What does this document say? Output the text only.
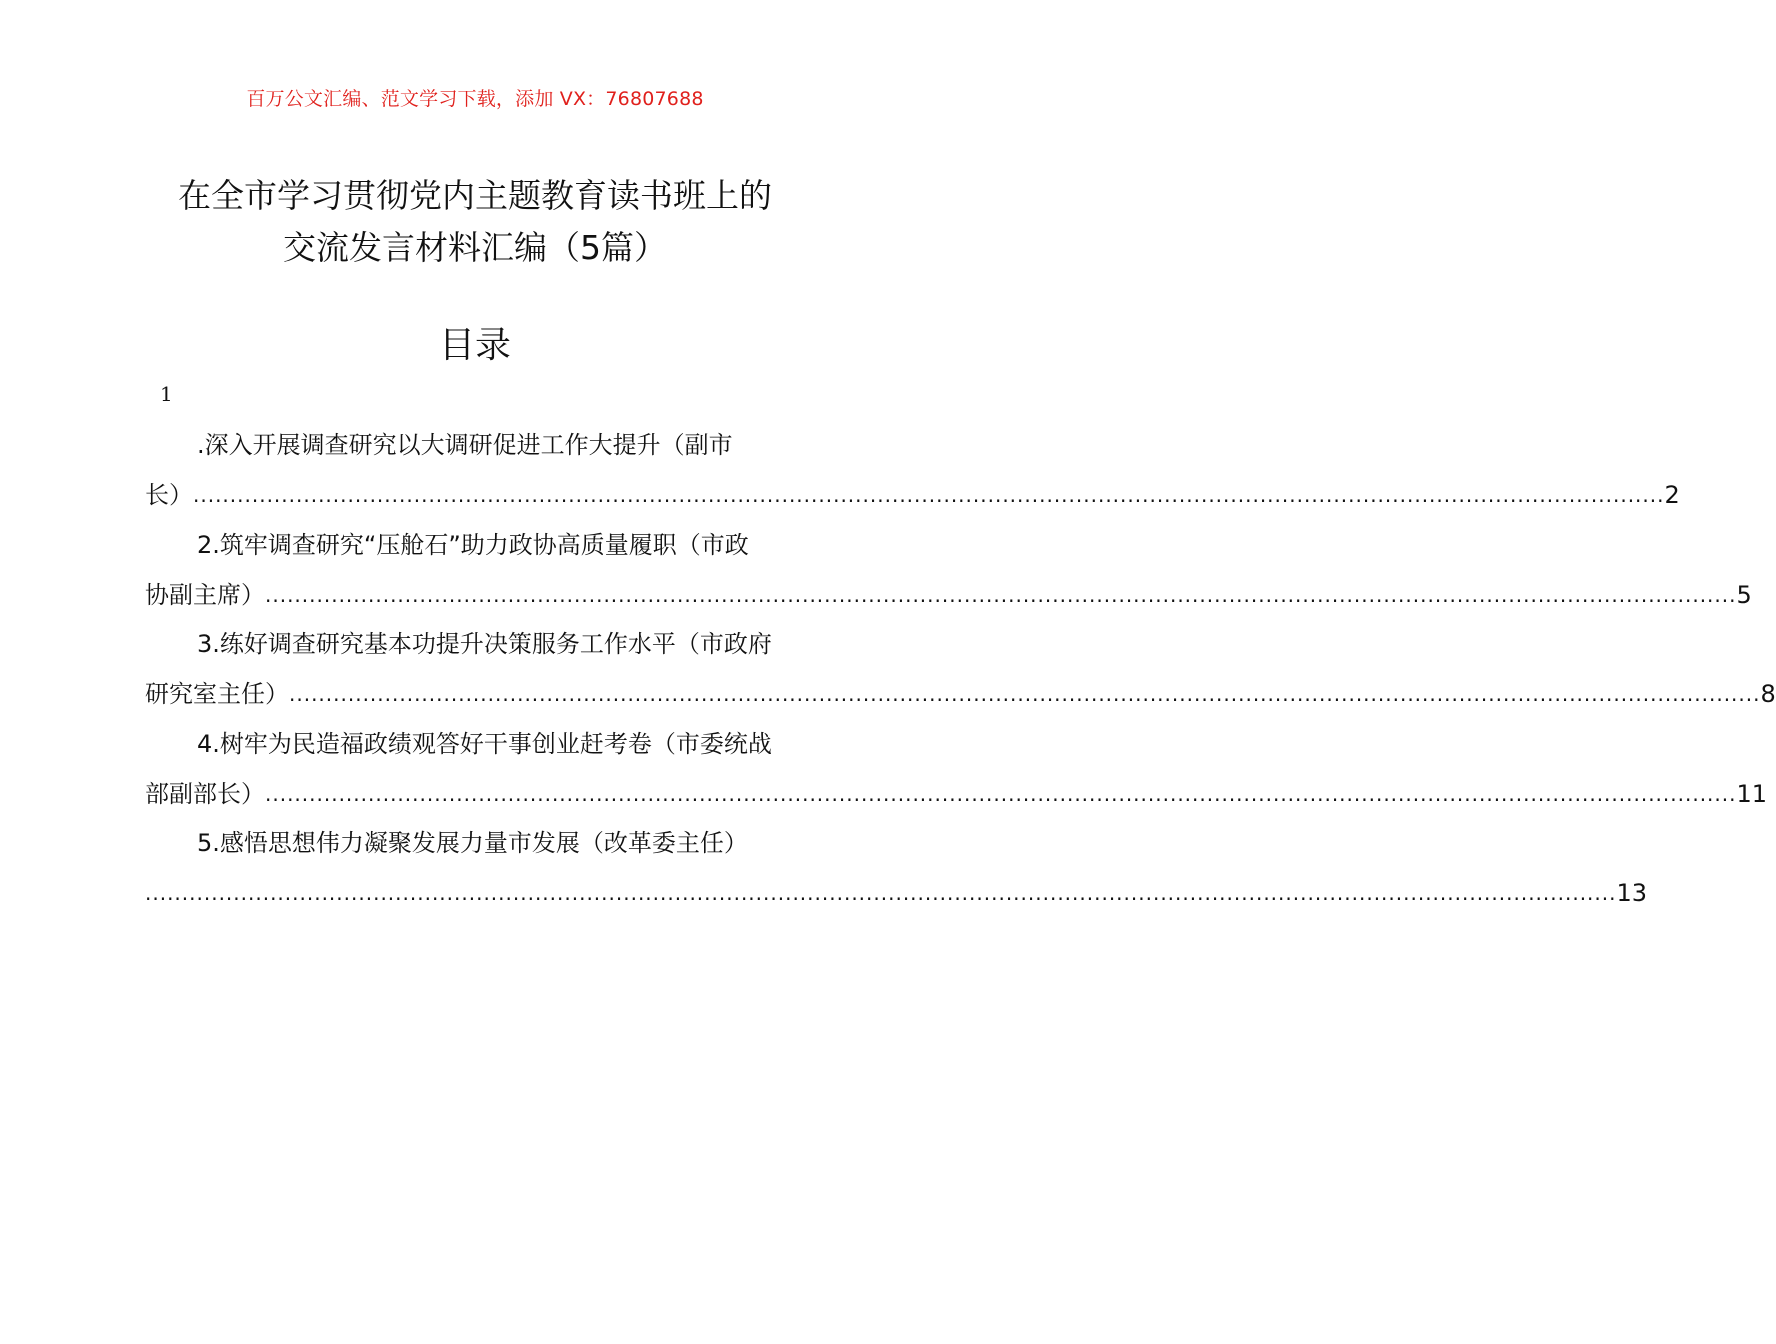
百万公文汇编、范文学习下载，添加 VX：76807688
在全市学习贯彻党内主题教育读书班上的
交流发言材料汇编（5篇）
目录
1
.深入开展调查研究以大调研促进工作大提升（副市
长） ........................................................................................................................................................................................................ 2
2.筑牢调查研究“压舱石”助力政协高质量履职（市政
协副主席） ........................................................................................................................................................................................................ 5
3.练好调查研究基本功提升决策服务工作水平（市政府
研究室主任） ........................................................................................................................................................................................................ 8
4.树牢为民造福政绩观答好干事创业赶考卷（市委统战
部副部长） ........................................................................................................................................................................................................ 11
5.感悟思想伟力凝聚发展力量市发展（改革委主任）
........................................................................................................................................................................................................ 13
